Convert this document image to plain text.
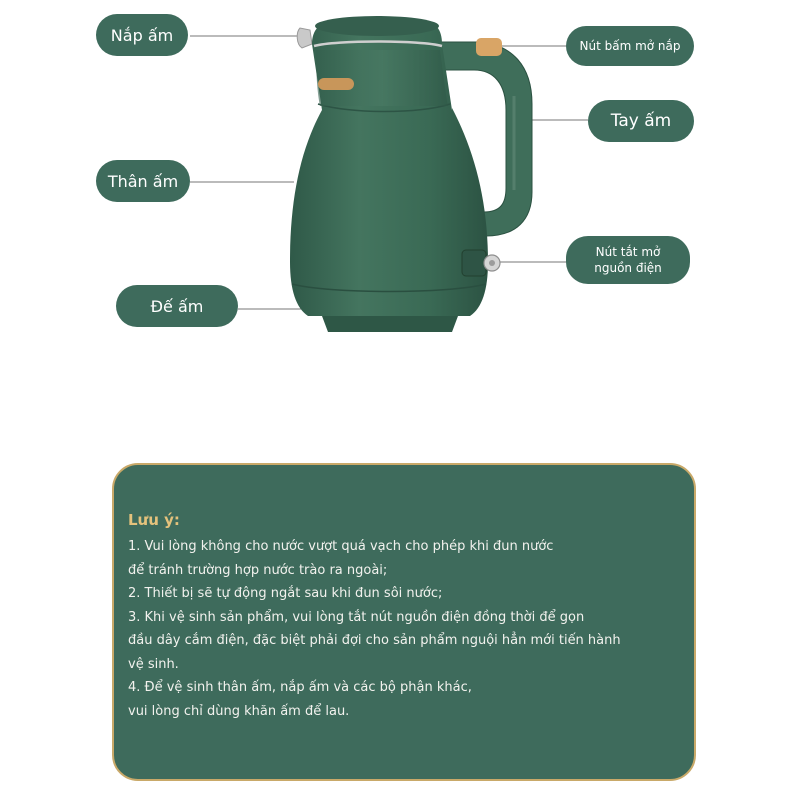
Nắp ấm
Thân ấm
Đế ấm
Nút bấm mở nắp
Tay ấm
Nút tắt mở
nguồn điện
Lưu ý:
1. Vui lòng không cho nước vượt quá vạch cho phép khi đun nước
để tránh trường hợp nước trào ra ngoài;
2. Thiết bị sẽ tự động ngắt sau khi đun sôi nước;
3. Khi vệ sinh sản phẩm, vui lòng tắt nút nguồn điện đồng thời để gọn
đầu dây cắm điện, đặc biệt phải đợi cho sản phẩm nguội hẳn mới tiến hành
vệ sinh.
4. Để vệ sinh thân ấm, nắp ấm và các bộ phận khác,
vui lòng chỉ dùng khăn ấm để lau.
